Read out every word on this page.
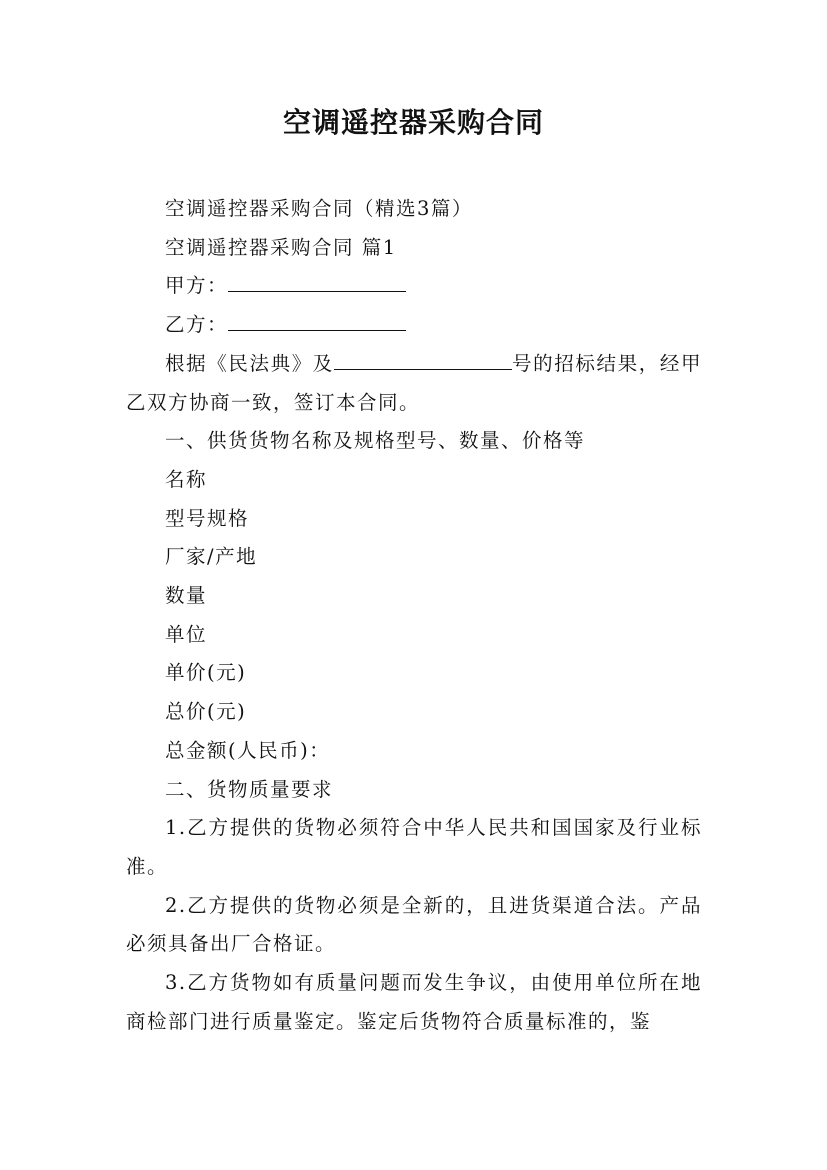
空调遥控器采购合同

空调遥控器采购合同（精选3篇）

空调遥控器采购合同 篇1

甲方：

乙方：

根据《民法典》及	号的招标结果，经甲乙双方协商一致，签订本合同。

一、供货货物名称及规格型号、数量、价格等

名称

型号规格

厂家/产地

数量

单位

单价(元)

总价(元)

总金额(人民币)：

二、货物质量要求

1.乙方提供的货物必须符合中华人民共和国国家及行业标准。

2.乙方提供的货物必须是全新的，且进货渠道合法。产品必须具备出厂合格证。

3.乙方货物如有质量问题而发生争议，由使用单位所在地商检部门进行质量鉴定。鉴定后货物符合质量标准的，鉴
